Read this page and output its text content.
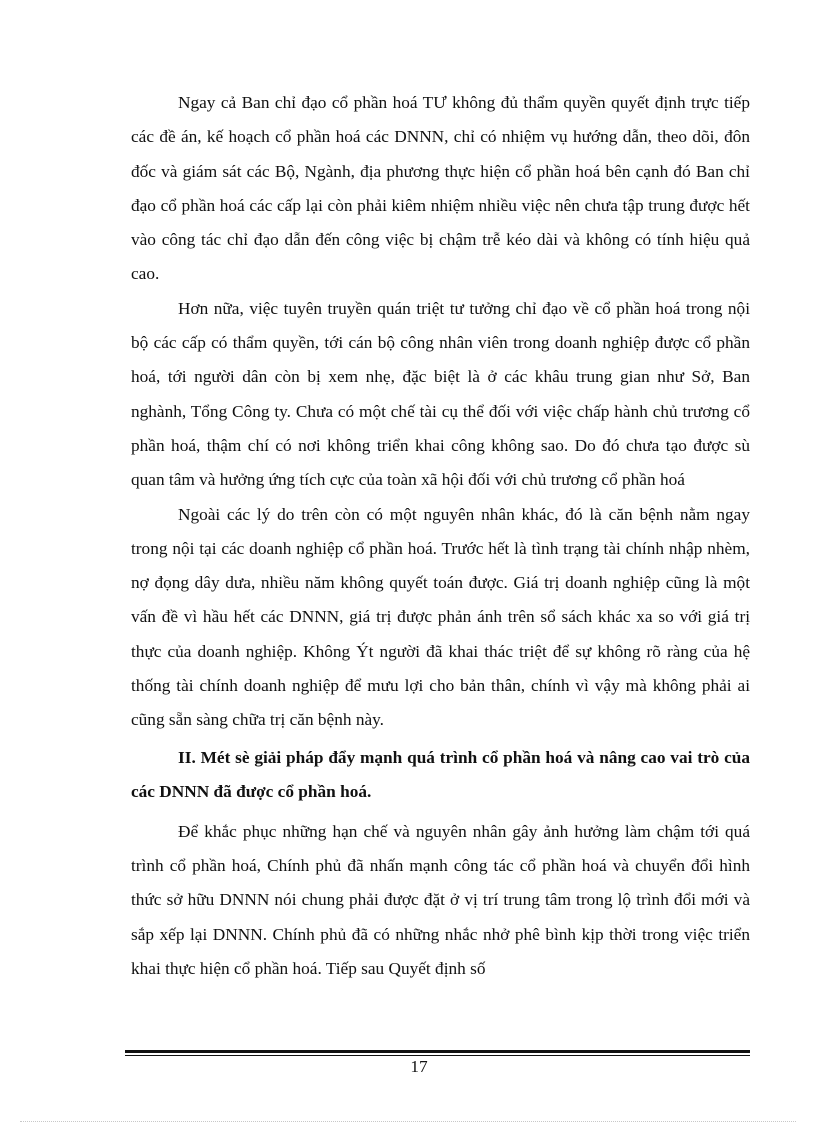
Ngay cả Ban chỉ đạo cổ phần hoá TƯ không đủ thẩm quyền quyết định trực tiếp các đề án, kế hoạch cổ phần hoá các DNNN, chỉ có nhiệm vụ hướng dẫn, theo dõi, đôn đốc và giám sát các Bộ, Ngành, địa phương thực hiện cổ phần hoá bên cạnh đó Ban chỉ đạo cổ phần hoá các cấp lại còn phải kiêm nhiệm nhiều việc nên chưa tập trung được hết vào công tác chỉ đạo dẫn đến công việc bị chậm trễ kéo dài và không có tính hiệu quả cao.

Hơn nữa, việc tuyên truyền quán triệt tư tưởng chỉ đạo về cổ phần hoá trong nội bộ các cấp có thẩm quyền, tới cán bộ công nhân viên trong doanh nghiệp được cổ phần hoá, tới người dân còn bị xem nhẹ, đặc biệt là ở các khâu trung gian như Sở, Ban nghành, Tổng Công ty. Chưa có một chế tài cụ thể đối với việc chấp hành chủ trương cổ phần hoá, thậm chí có nơi không triển khai công không sao. Do đó chưa tạo được sù quan tâm và hưởng ứng tích cực của toàn xã hội đối với chủ trương cổ phần hoá

Ngoài các lý do trên còn có một nguyên nhân khác, đó là căn bệnh nằm ngay trong nội tại các doanh nghiệp cổ phần hoá. Trước hết là tình trạng tài chính nhập nhèm, nợ đọng dây dưa, nhiều năm không quyết toán được. Giá trị doanh nghiệp cũng là một vấn đề vì hầu hết các DNNN, giá trị được phản ánh trên sổ sách khác xa so với giá trị thực của doanh nghiệp. Không Ýt người đã khai thác triệt để sự không rõ ràng của hệ thống tài chính doanh nghiệp để mưu lợi cho bản thân, chính vì vậy mà không phải ai cũng sẵn sàng chữa trị căn bệnh này.

II. Mét sè giải pháp đẩy mạnh quá trình cổ phần hoá và nâng cao vai trò của các DNNN đã được cổ phần hoá.

Để khắc phục những hạn chế và nguyên nhân gây ảnh hưởng làm chậm tới quá trình cổ phần hoá, Chính phủ đã nhấn mạnh công tác cổ phần hoá và chuyển đổi hình thức sở hữu DNNN nói chung phải được đặt ở vị trí trung tâm trong lộ trình đổi mới và sắp xếp lại DNNN. Chính phủ đã có những nhắc nhở phê bình kịp thời trong việc triển khai thực hiện cổ phần hoá. Tiếp sau Quyết định số

17
